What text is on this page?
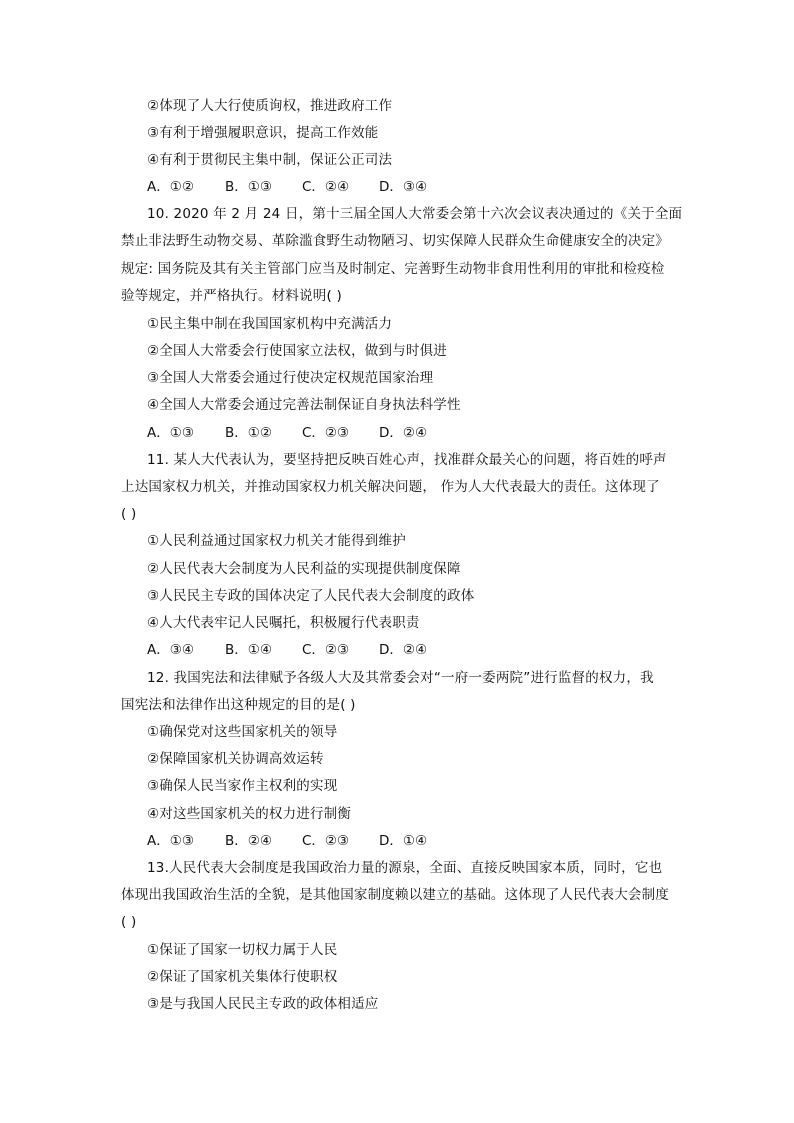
②体现了人大行使质询权，推进政府工作
③有利于增强履职意识，提高工作效能
④有利于贯彻民主集中制，保证公正司法
A．①② B．①③ C．②④ D．③④
10. 2020 年 2 月 24 日，第十三届全国人大常委会第十六次会议表决通过的《关于全面
禁止非法野生动物交易、革除滥食野生动物陋习、切实保障人民群众生命健康安全的决定》
规定: 国务院及其有关主管部门应当及时制定、完善野生动物非食用性利用的审批和检疫检
验等规定，并严格执行。材料说明( )
①民主集中制在我国国家机构中充满活力
②全国人大常委会行使国家立法权，做到与时俱进
③全国人大常委会通过行使决定权规范国家治理
④全国人大常委会通过完善法制保证自身执法科学性
A．①③ B．①② C．②③ D．②④
11. 某人大代表认为，要坚持把反映百姓心声，找准群众最关心的问题，将百姓的呼声
上达国家权力机关，并推动国家权力机关解决问题， 作为人大代表最大的责任。这体现了
( )
①人民利益通过国家权力机关才能得到维护
②人民代表大会制度为人民利益的实现提供制度保障
③人民民主专政的国体决定了人民代表大会制度的政体
④人大代表牢记人民嘱托，积极履行代表职责
A．③④ B．①④ C．②③ D．②④
12. 我国宪法和法律赋予各级人大及其常委会对“一府一委两院”进行监督的权力，我
国宪法和法律作出这种规定的目的是( )
①确保党对这些国家机关的领导
②保障国家机关协调高效运转
③确保人民当家作主权利的实现
④对这些国家机关的权力进行制衡
A．①③ B．②④ C．②③ D．①④
13.人民代表大会制度是我国政治力量的源泉，全面、直接反映国家本质，同时，它也
体现出我国政治生活的全貌，是其他国家制度赖以建立的基础。这体现了人民代表大会制度
( )
①保证了国家一切权力属于人民
②保证了国家机关集体行使职权
③是与我国人民民主专政的政体相适应
